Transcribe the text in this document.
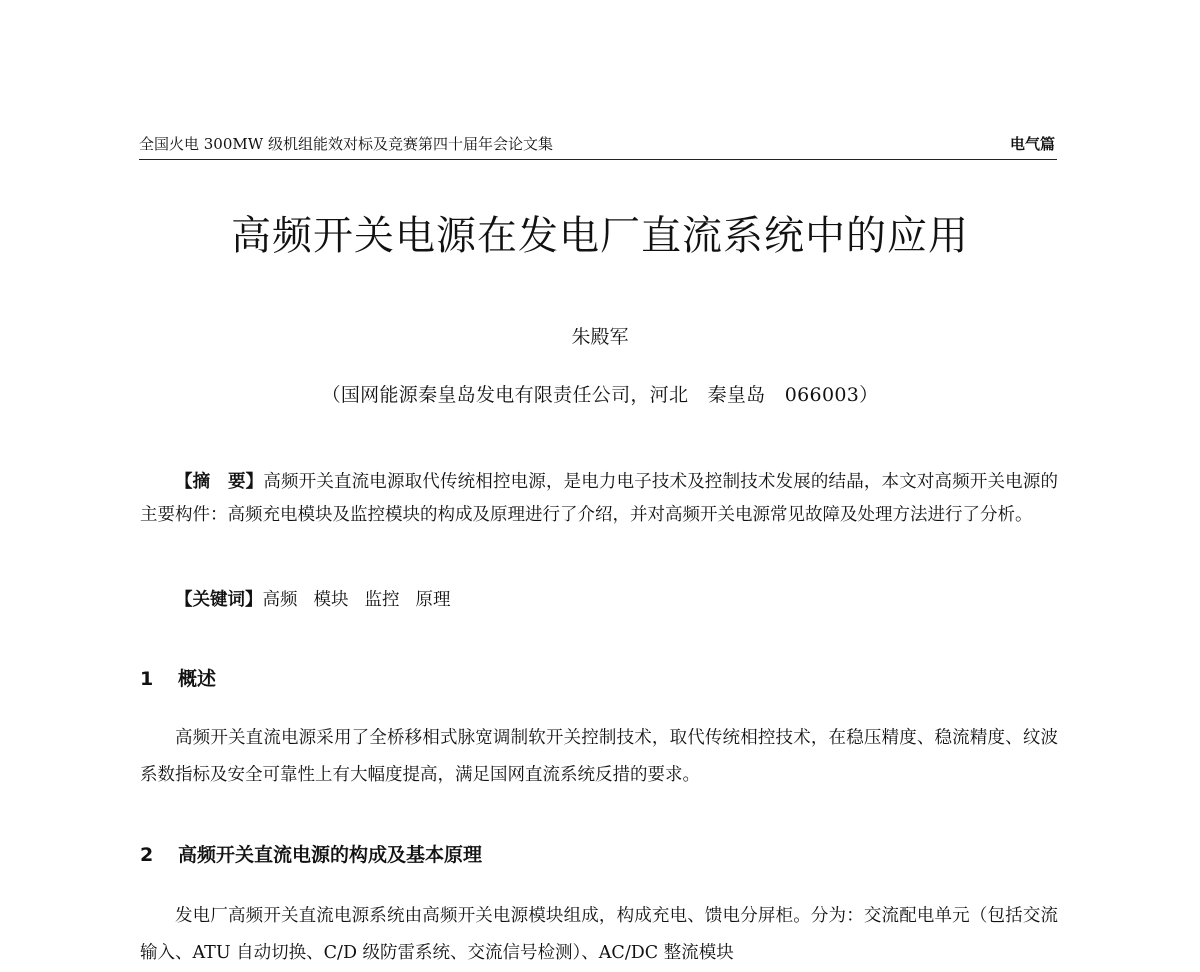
全国火电 300MW 级机组能效对标及竞赛第四十届年会论文集	电气篇
高频开关电源在发电厂直流系统中的应用
朱殿军
（国网能源秦皇岛发电有限责任公司，河北　秦皇岛　066003）

【摘　要】高频开关直流电源取代传统相控电源，是电力电子技术及控制技术发展的结晶，本文对高频开关电源的主要构件：高频充电模块及监控模块的构成及原理进行了介绍，并对高频开关电源常见故障及处理方法进行了分析。

【关键词】高频 模块 监控 原理

1 概述

高频开关直流电源采用了全桥移相式脉宽调制软开关控制技术，取代传统相控技术，在稳压精度、稳流精度、纹波系数指标及安全可靠性上有大幅度提高，满足国网直流系统反措的要求。

2 高频开关直流电源的构成及基本原理

发电厂高频开关直流电源系统由高频开关电源模块组成，构成充电、馈电分屏柜。分为：交流配电单元（包括交流输入、ATU 自动切换、C/D 级防雷系统、交流信号检测）、AC/DC 整流模块
